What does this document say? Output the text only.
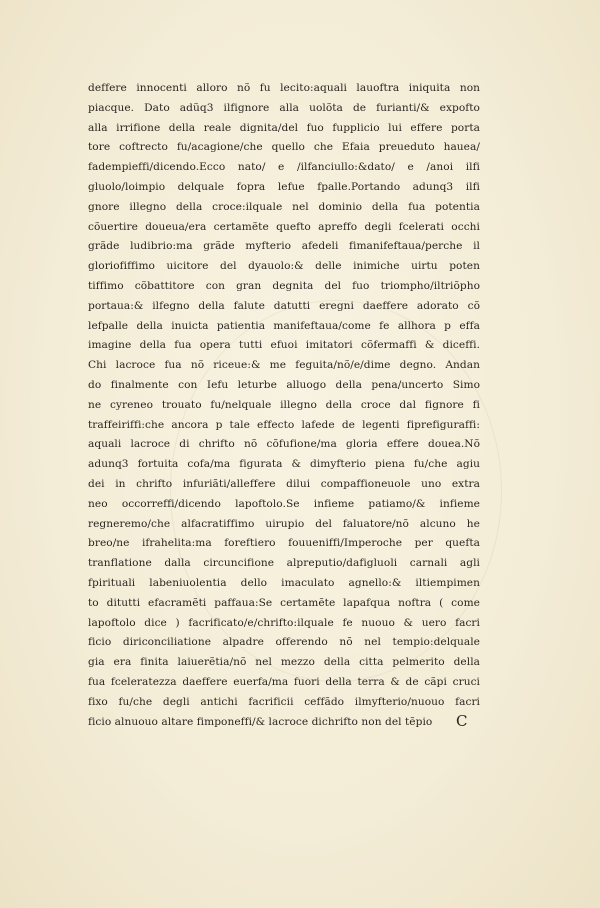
deffere innocenti alloro nõ fu lecito:aquali lauoftra iniquita non
piacque. Dato adũq3 ilfignore alla uolõta de furianti/& expofto
alla irrifione della reale dignita/del fuo fupplicio lui effere porta
tore coftrecto fu/acagione/che quello che Efaia preueduto hauea/
fadempieffi/dicendo.Ecco nato/ e /ilfanciullo:&dato/ e /anoi ilfi
gluolo/loimpio delquale fopra lefue fpalle.Portando adunq3 ilfi
gnore illegno della croce:ilquale nel dominio della fua potentia
cõuertire doueua/era certamẽte quefto apreffo degli fcelerati occhi
grãde ludibrio:ma grãde myfterio afedeli fimanifeftaua/perche il
gloriofiffimo uicitore del dyauolo:& delle inimiche uirtu poten
tiffimo cõbattitore con gran degnita del fuo triompho/iltriõpho
portaua:& ilfegno della falute datutti eregni daeffere adorato cõ
lefpalle della inuicta patientia manifeftaua/come fe allhora p effa
imagine della fua opera tutti efuoi imitatori cõfermaffi & diceffi.
Chi lacroce fua nõ riceue:& me feguita/nõ/e/dime degno. Andan
do finalmente con Iefu leturbe alluogo della pena/uncerto Simo
ne cyreneo trouato fu/nelquale illegno della croce dal fignore fi
traffeiriffi:che ancora p tale effecto lafede de legenti fiprefiguraffi:
aquali lacroce di chrifto nõ cõfufione/ma gloria effere douea.Nõ
adunq3 fortuita cofa/ma figurata & dimyfterio piena fu/che agiu
dei in chrifto infuriãti/alleffere dilui compaffioneuole uno extra
neo occorreffi/dicendo lapoftolo.Se infieme patiamo/& infieme
regneremo/che alfacratiffimo uirupio del faluatore/nõ alcuno he
breo/ne ifrahelita:ma foreftiero fouueniffi/Imperoche per quefta
tranflatione dalla circuncifione alpreputio/dafigluoli carnali agli
fpirituali labeniuolentia dello imaculato agnello:& iltiempimen
to ditutti efacramẽti paffaua:Se certamẽte lapafqua noftra ( come
lapoftolo dice ) facrificato/e/chrifto:ilquale fe nuouo & uero facri
ficio diriconciliatione alpadre offerendo nõ nel tempio:delquale
gia era finita laiuerẽtia/nõ nel mezzo della citta pelmerito della
fua fceleratezza daeffere euerfa/ma fuori della terra & de cãpi cruci
fixo fu/che degli antichi facrificii ceffãdo ilmyfterio/nuouo facri
ficio alnuouo altare fimponeffi/& lacroce dichrifto non del tẽpio	C
